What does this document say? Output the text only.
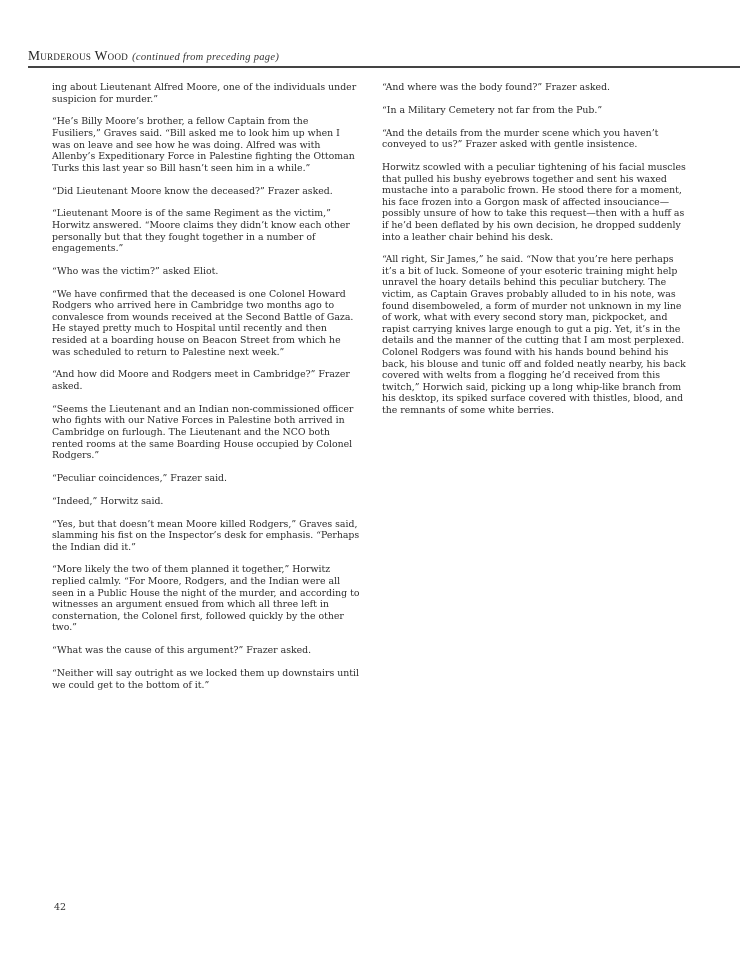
Murderous Wood (continued from preceding page)

ing about Lieutenant Alfred Moore, one of the individuals under suspicion for murder.”

“He’s Billy Moore’s brother, a fellow Captain from the Fusiliers,” Graves said. “Bill asked me to look him up when I was on leave and see how he was doing. Alfred was with Allenby’s Expeditionary Force in Palestine fighting the Ottoman Turks this last year so Bill hasn’t seen him in a while.”

“Did Lieutenant Moore know the deceased?” Frazer asked.

“Lieutenant Moore is of the same Regiment as the victim,” Horwitz answered. “Moore claims they didn’t know each other personally but that they fought together in a number of engagements.”

“Who was the victim?” asked Eliot.

“We have confirmed that the deceased is one Colonel Howard Rodgers who arrived here in Cambridge two months ago to convalesce from wounds received at the Second Battle of Gaza. He stayed pretty much to Hospital until recently and then resided at a boarding house on Beacon Street from which he was scheduled to return to Palestine next week.”

“And how did Moore and Rodgers meet in Cambridge?” Frazer asked.

“Seems the Lieutenant and an Indian non-commissioned officer who fights with our Native Forces in Palestine both arrived in Cambridge on furlough. The Lieutenant and the NCO both rented rooms at the same Boarding House occupied by Colonel Rodgers.”

“Peculiar coincidences,” Frazer said.

“Indeed,” Horwitz said.

“Yes, but that doesn’t mean Moore killed Rodgers,” Graves said, slamming his fist on the Inspector’s desk for emphasis. “Perhaps the Indian did it.”

“More likely the two of them planned it together,” Horwitz replied calmly. “For Moore, Rodgers, and the Indian were all seen in a Public House the night of the murder, and according to witnesses an argument ensued from which all three left in consternation, the Colonel first, followed quickly by the other two.”

“What was the cause of this argument?” Frazer asked.

“Neither will say outright as we locked them up downstairs until we could get to the bottom of it.”

“And where was the body found?” Frazer asked.

“In a Military Cemetery not far from the Pub.”

“And the details from the murder scene which you haven’t conveyed to us?” Frazer asked with gentle insistence.

Horwitz scowled with a peculiar tightening of his facial muscles that pulled his bushy eyebrows together and sent his waxed mustache into a parabolic frown. He stood there for a moment, his face frozen into a Gorgon mask of affected insouciance—possibly unsure of how to take this request—then with a huff as if he’d been deflated by his own decision, he dropped suddenly into a leather chair behind his desk.

“All right, Sir James,” he said. “Now that you’re here perhaps it’s a bit of luck. Someone of your esoteric training might help unravel the hoary details behind this peculiar butchery. The victim, as Captain Graves probably alluded to in his note, was found disemboweled, a form of murder not unknown in my line of work, what with every second story man, pickpocket, and rapist carrying knives large enough to gut a pig. Yet, it’s in the details and the manner of the cutting that I am most perplexed. Colonel Rodgers was found with his hands bound behind his back, his blouse and tunic off and folded neatly nearby, his back covered with welts from a flogging he’d received from this twitch,” Horwich said, picking up a long whip-like branch from his desktop, its spiked surface covered with thistles, blood, and the remnants of some white berries.

42
